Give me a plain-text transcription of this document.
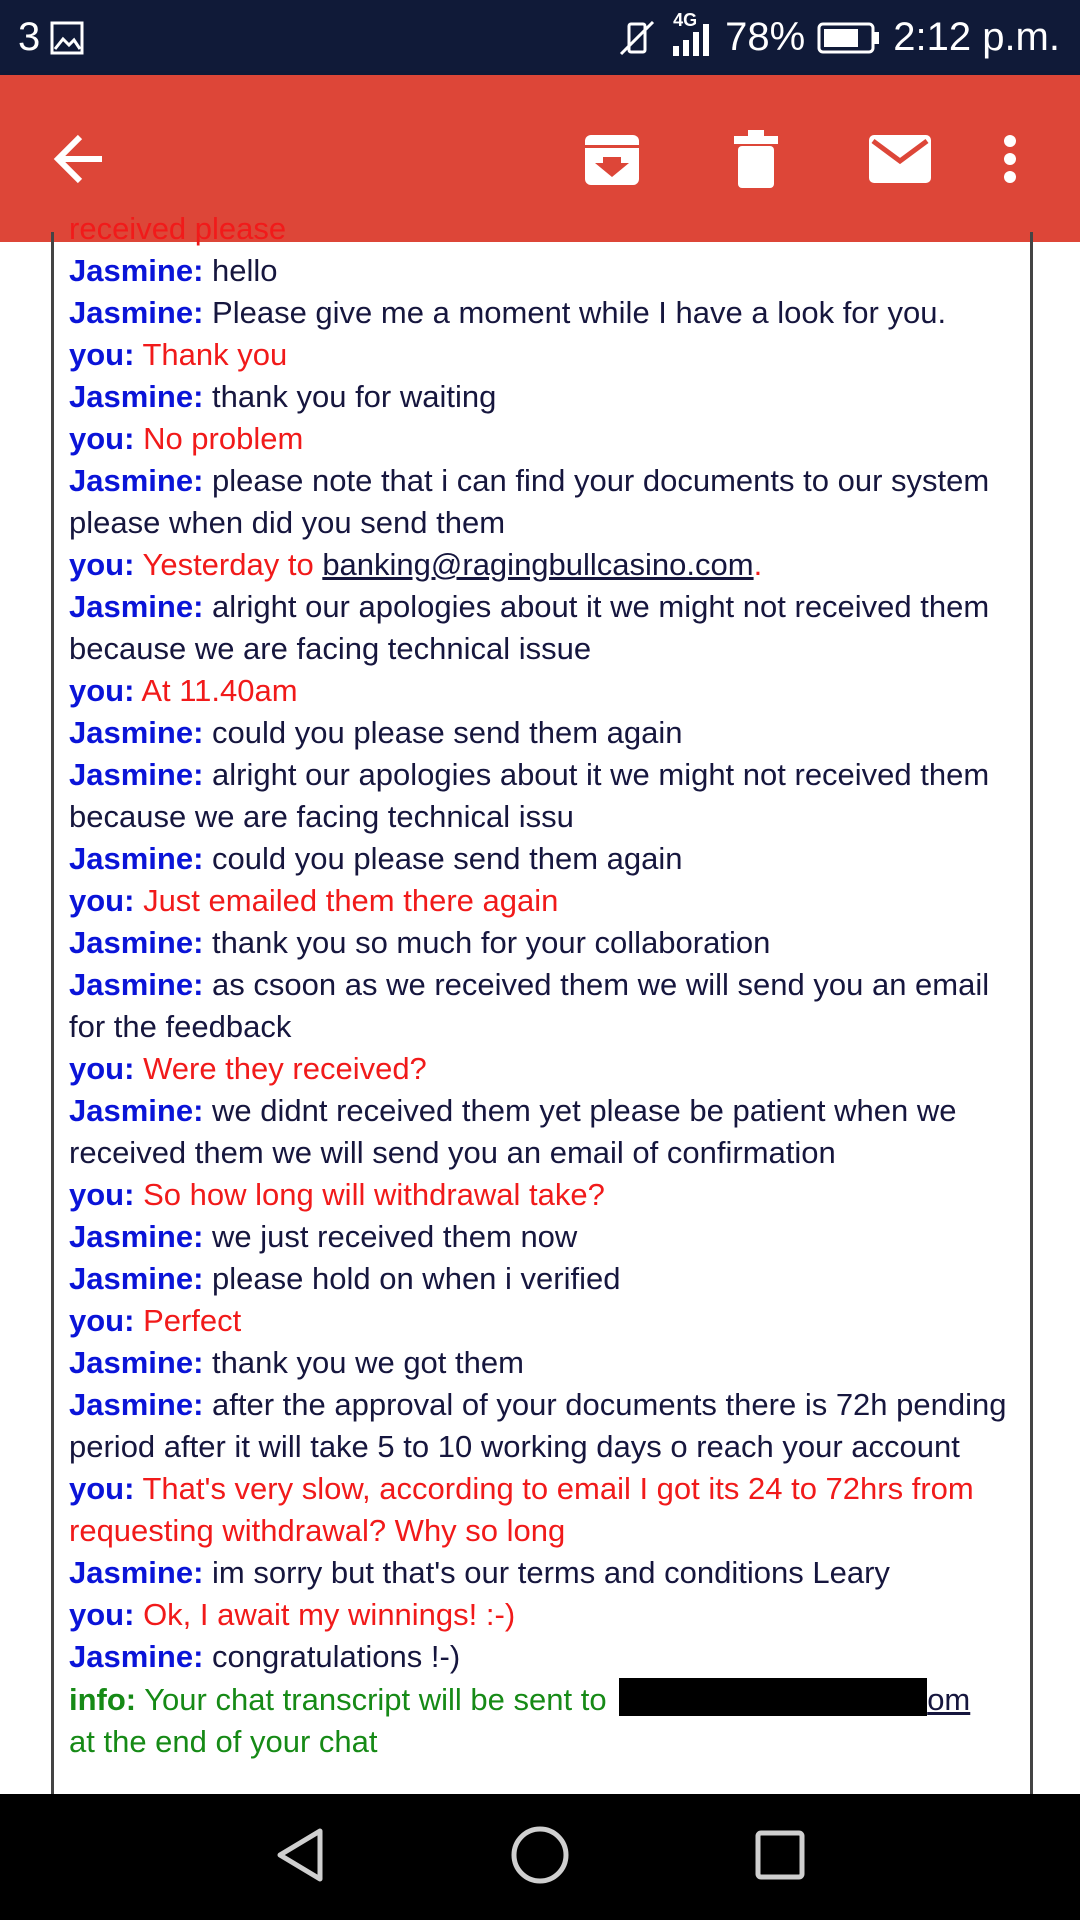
3	4G 78% 2:12 p.m.
received please
Jasmine: hello
Jasmine: Please give me a moment while I have a look for you.
you: Thank you
Jasmine: thank you for waiting
you: No problem
Jasmine: please note that i can find your documents to our system please when did you send them
you: Yesterday to banking@ragingbullcasino.com.
Jasmine: alright our apologies about it we might not received them because we are facing technical issue
you: At 11.40am
Jasmine: could you please send them again
Jasmine: alright our apologies about it we might not received them because we are facing technical issu
Jasmine: could you please send them again
you: Just emailed them there again
Jasmine: thank you so much for your collaboration
Jasmine: as csoon as we received them we will send you an email for the feedback
you: Were they received?
Jasmine: we didnt received them yet please be patient when we received them we will send you an email of confirmation
you: So how long will withdrawal take?
Jasmine: we just received them now
Jasmine: please hold on when i verified
you: Perfect
Jasmine: thank you we got them
Jasmine: after the approval of your documents there is 72h pending period after it will take 5 to 10 working days o reach your account
you: That's very slow, according to email I got its 24 to 72hrs from requesting withdrawal? Why so long
Jasmine: im sorry but that's our terms and conditions Leary
you: Ok, I await my winnings! :-)
Jasmine: congratulations !-)
info: Your chat transcript will be sent to	om
at the end of your chat
